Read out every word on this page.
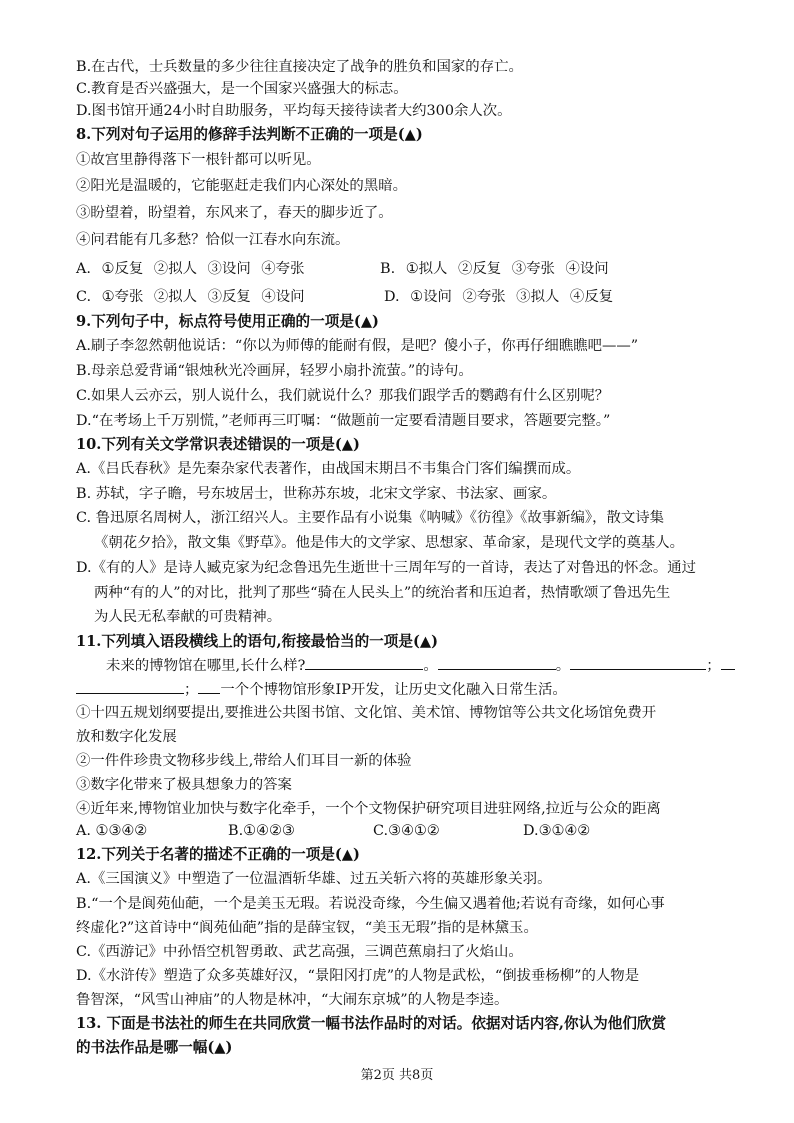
B.在古代，士兵数量的多少往往直接决定了战争的胜负和国家的存亡。
C.教育是否兴盛强大，是一个国家兴盛强大的标志。
D.图书馆开通24小时自助服务，平均每天接待读者大约300余人次。
8.下列对句子运用的修辞手法判断不正确的一项是(▲)
①故宫里静得落下一根针都可以听见。
②阳光是温暖的，它能驱赶走我们内心深处的黑暗。
③盼望着，盼望着，东风来了，春天的脚步近了。
④问君能有几多愁？恰似一江春水向东流。
A. ①反复 ②拟人 ③设问 ④夸张	B. ①拟人 ②反复 ③夸张 ④设问
C. ①夸张 ②拟人 ③反复 ④设问	D. ①设问 ②夸张 ③拟人 ④反复
9.下列句子中，标点符号使用正确的一项是(▲)
A.刷子李忽然朝他说话：“你以为师傅的能耐有假，是吧？傻小子，你再仔细瞧瞧吧——”
B.母亲总爱背诵“银烛秋光冷画屏，轻罗小扇扑流萤。”的诗句。
C.如果人云亦云，别人说什么，我们就说什么？那我们跟学舌的鹦鹉有什么区别呢？
D.“在考场上千万别慌，”老师再三叮嘱：“做题前一定要看清题目要求，答题要完整。”
10.下列有关文学常识表述错误的一项是(▲)
A.《吕氏春秋》是先秦杂家代表著作，由战国末期吕不韦集合门客们编撰而成。
B. 苏轼，字子瞻，号东坡居士，世称苏东坡，北宋文学家、书法家、画家。
C. 鲁迅原名周树人，浙江绍兴人。主要作品有小说集《呐喊》《彷徨》《故事新编》，散文诗集
《朝花夕拾》，散文集《野草》。他是伟大的文学家、思想家、革命家，是现代文学的奠基人。
D.《有的人》是诗人臧克家为纪念鲁迅先生逝世十三周年写的一首诗，表达了对鲁迅的怀念。通过
两种“有的人”的对比，批判了那些“骑在人民头上”的统治者和压迫者，热情歌颂了鲁迅先生
为人民无私奉献的可贵精神。
11.下列填入语段横线上的语句,衔接最恰当的一项是(▲)
未来的博物馆在哪里,长什么样?	。	。	；
； 一个个博物馆形象IP开发，让历史文化融入日常生活。
①十四五规划纲要提出,要推进公共图书馆、文化馆、美术馆、博物馆等公共文化场馆免费开
放和数字化发展
②一件件珍贵文物移步线上,带给人们耳目一新的体验
③数字化带来了极具想象力的答案
④近年来,博物馆业加快与数字化牵手，一个个文物保护研究项目进驻网络,拉近与公众的距离
A. ①③④②	B.①④②③	C.③④①②	D.③①④②
12.下列关于名著的描述不正确的一项是(▲)
A.《三国演义》中塑造了一位温酒斩华雄、过五关斩六将的英雄形象关羽。
B.“一个是阆苑仙葩，一个是美玉无瑕。若说没奇缘，今生偏又遇着他;若说有奇缘，如何心事
终虚化?”这首诗中“阆苑仙葩”指的是薛宝钗，“美玉无瑕”指的是林黛玉。
C.《西游记》中孙悟空机智勇敢、武艺高强，三调芭蕉扇扫了火焰山。
D.《水浒传》塑造了众多英雄好汉，“景阳冈打虎”的人物是武松，“倒拔垂杨柳”的人物是
鲁智深，“风雪山神庙”的人物是林冲，“大闹东京城”的人物是李逵。
13. 下面是书法社的师生在共同欣赏一幅书法作品时的对话。依据对话内容,你认为他们欣赏
的书法作品是哪一幅(▲)
第2页 共8页
